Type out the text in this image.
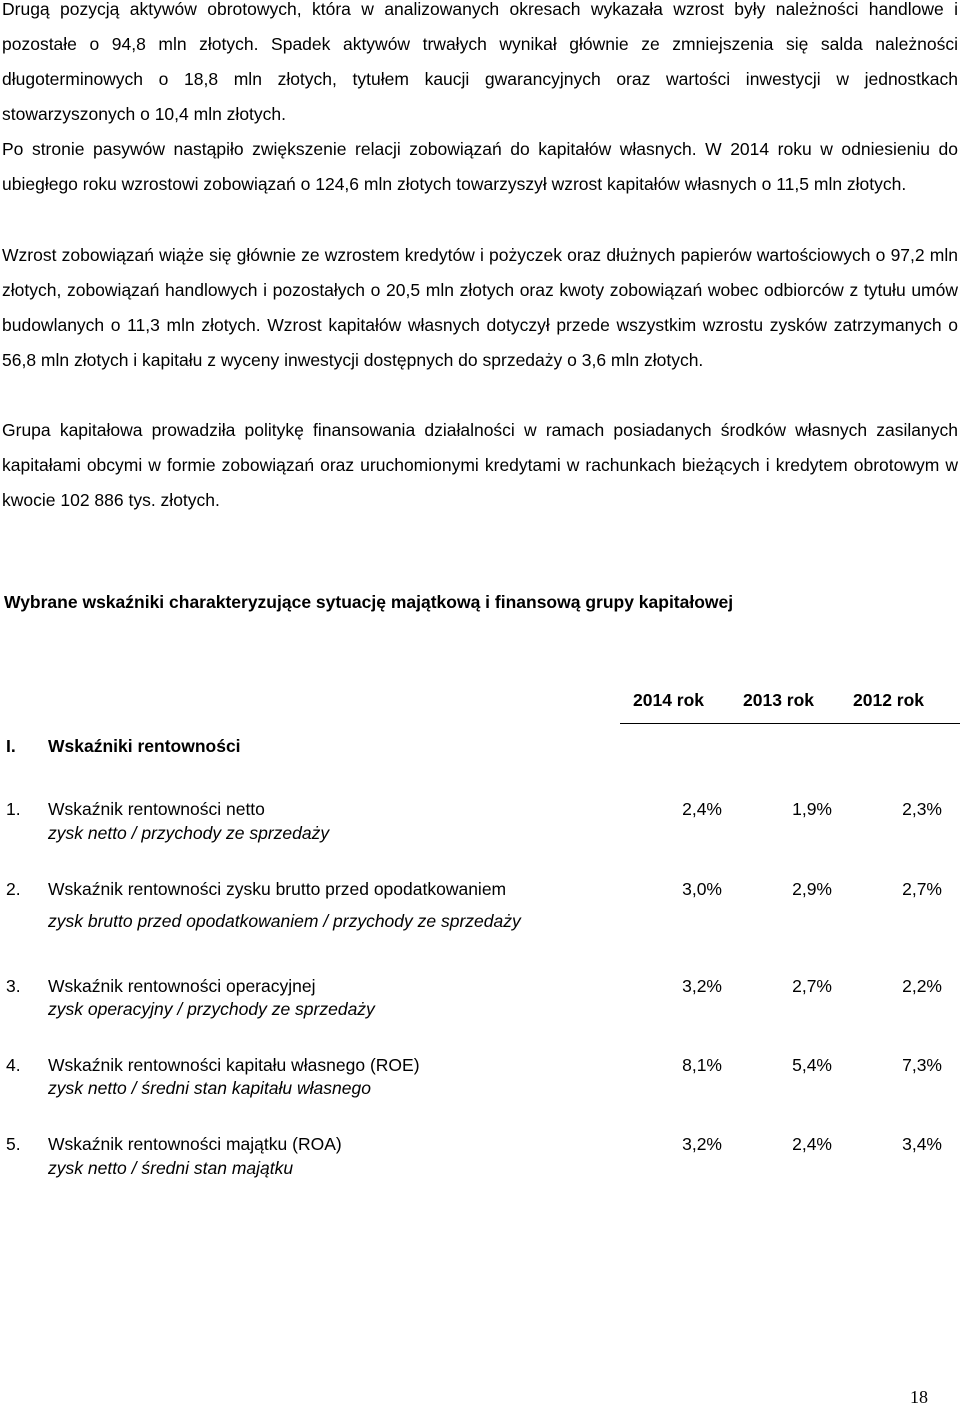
Drugą pozycją aktywów obrotowych, która w analizowanych okresach wykazała wzrost były należności handlowe i pozostałe o 94,8 mln złotych. Spadek aktywów trwałych wynikał głównie ze zmniejszenia się salda należności długoterminowych o 18,8 mln złotych, tytułem kaucji gwarancyjnych oraz wartości inwestycji w jednostkach stowarzyszonych o 10,4 mln złotych.

Po stronie pasywów nastąpiło zwiększenie relacji zobowiązań do kapitałów własnych. W 2014 roku w odniesieniu do ubiegłego roku wzrostowi zobowiązań o 124,6 mln złotych towarzyszył wzrost kapitałów własnych o 11,5 mln złotych.

Wzrost zobowiązań wiąże się głównie ze wzrostem kredytów i pożyczek oraz dłużnych papierów wartościowych o 97,2 mln złotych, zobowiązań handlowych i pozostałych o 20,5 mln złotych oraz kwoty zobowiązań wobec odbiorców z tytułu umów budowlanych o 11,3 mln złotych. Wzrost kapitałów własnych dotyczył przede wszystkim wzrostu zysków zatrzymanych o 56,8 mln złotych i kapitału z wyceny inwestycji dostępnych do sprzedaży o 3,6 mln złotych.

Grupa kapitałowa prowadziła politykę finansowania działalności w ramach posiadanych środków własnych zasilanych kapitałami obcymi w formie zobowiązań oraz uruchomionymi kredytami w rachunkach bieżących i kredytem obrotowym w kwocie 102 886 tys. złotych.

Wybrane wskaźniki charakteryzujące sytuację majątkową i finansową grupy kapitałowej

2014 rok 2013 rok 2012 rok
I. Wskaźniki rentowności
1. Wskaźnik rentowności netto
zysk netto / przychody ze sprzedaży
2,4%	1,9%	2,3%
2. Wskaźnik rentowności zysku brutto przed opodatkowaniem
zysk brutto przed opodatkowaniem / przychody ze sprzedaży
3,0%	2,9%	2,7%
3. Wskaźnik rentowności operacyjnej
zysk operacyjny / przychody ze sprzedaży
3,2%	2,7%	2,2%
4. Wskaźnik rentowności kapitału własnego (ROE)
zysk netto / średni stan kapitału własnego
8,1%	5,4%	7,3%
5. Wskaźnik rentowności majątku (ROA)
zysk netto / średni stan majątku
3,2%	2,4%	3,4%
18
